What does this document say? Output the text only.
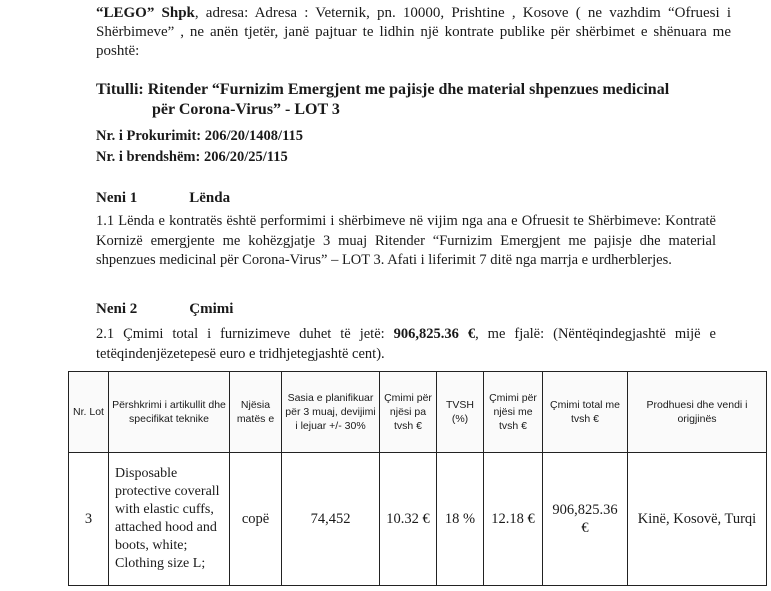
“LEGO” Shpk, adresa: Adresa : Veternik, pn. 10000, Prishtine , Kosove ( ne vazhdim “Ofruesi i Shërbimeve” , ne anën tjetër, janë pajtuar te lidhin një kontrate publike për shërbimet e shënuara me poshtë:
Titulli: Ritender “Furnizim Emergjent me pajisje dhe material shpenzues medicinal
për Corona-Virus” - LOT 3
Nr. i Prokurimit: 206/20/1408/115
Nr. i brendshëm: 206/20/25/115
Neni 1	Lënda
1.1 Lënda e kontratës është performimi i shërbimeve në vijim nga ana e Ofruesit te Shërbimeve: Kontratë Kornizë emergjente me kohëzgjatje 3 muaj Ritender “Furnizim Emergjent me pajisje dhe material shpenzues medicinal për Corona-Virus” – LOT 3. Afati i liferimit 7 ditë nga marrja e urdherblerjes.
Neni 2	Çmimi
2.1 Çmimi total i furnizimeve duhet të jetë: 906,825.36 €, me fjalë: (Nëntëqindegjashtë mijë e tetëqindenjëzetepesë euro e tridhjetegjashtë cent).
Nr. Lot	Përshkrimi i artikullit dhe specifikat teknike	Njësia matës e	Sasia e planifikuar për 3 muaj, devijimi i lejuar +/- 30%	Çmimi për njësi pa tvsh €	TVSH (%)	Çmimi për njësi me tvsh €	Çmimi total me tvsh €	Prodhuesi dhe vendi i origjinës
3	Disposable protective coverall with elastic cuffs, attached hood and boots, white; Clothing size L;	copë	74,452	10.32 €	18 %	12.18 €	906,825.36 €	Kinë, Kosovë, Turqi
